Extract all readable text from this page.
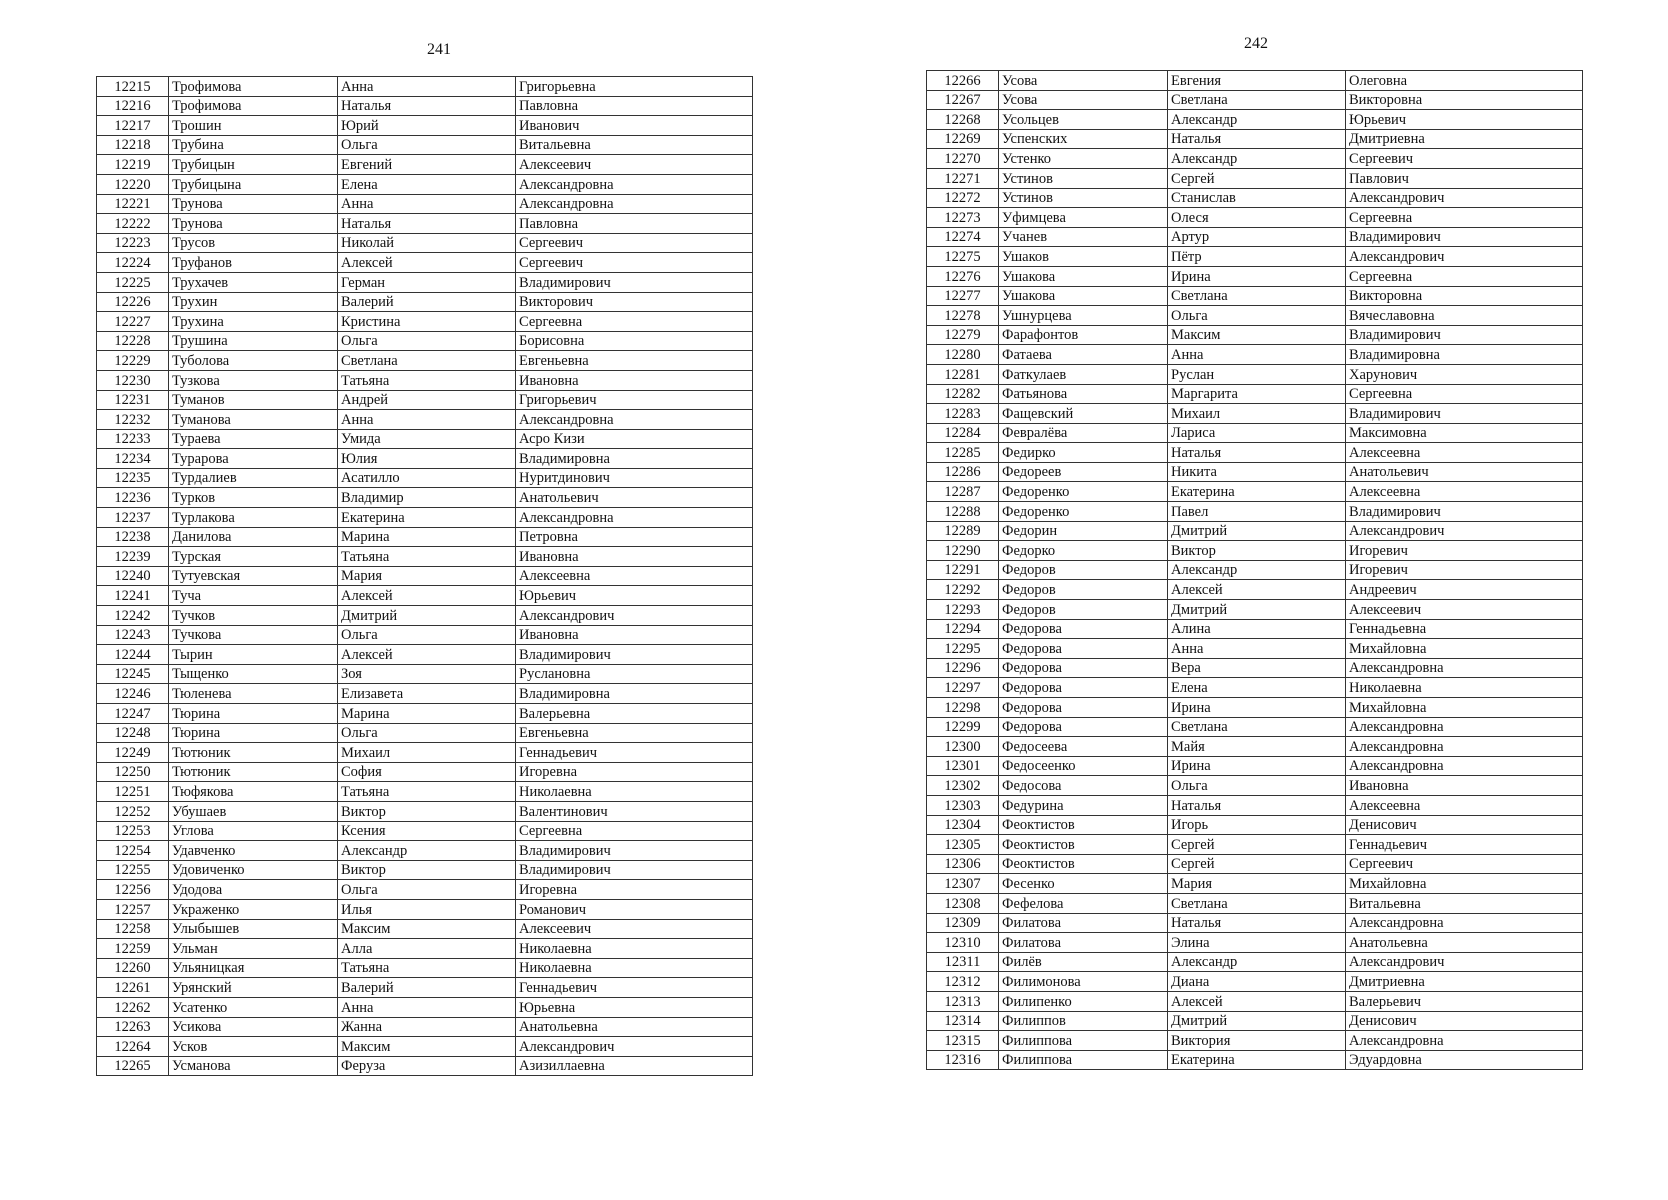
241
12215	Трофимова	Анна	Григорьевна
12216	Трофимова	Наталья	Павловна
12217	Трошин	Юрий	Иванович
12218	Трубина	Ольга	Витальевна
12219	Трубицын	Евгений	Алексеевич
12220	Трубицына	Елена	Александровна
12221	Трунова	Анна	Александровна
12222	Трунова	Наталья	Павловна
12223	Трусов	Николай	Сергеевич
12224	Труфанов	Алексей	Сергеевич
12225	Трухачев	Герман	Владимирович
12226	Трухин	Валерий	Викторович
12227	Трухина	Кристина	Сергеевна
12228	Трушина	Ольга	Борисовна
12229	Туболова	Светлана	Евгеньевна
12230	Тузкова	Татьяна	Ивановна
12231	Туманов	Андрей	Григорьевич
12232	Туманова	Анна	Александровна
12233	Тураева	Умида	Асро Кизи
12234	Турарова	Юлия	Владимировна
12235	Турдалиев	Асатилло	Нуритдинович
12236	Турков	Владимир	Анатольевич
12237	Турлакова	Екатерина	Александровна
12238	Данилова	Марина	Петровна
12239	Турская	Татьяна	Ивановна
12240	Тутуевская	Мария	Алексеевна
12241	Туча	Алексей	Юрьевич
12242	Тучков	Дмитрий	Александрович
12243	Тучкова	Ольга	Ивановна
12244	Тырин	Алексей	Владимирович
12245	Тыщенко	Зоя	Руслановна
12246	Тюленева	Елизавета	Владимировна
12247	Тюрина	Марина	Валерьевна
12248	Тюрина	Ольга	Евгеньевна
12249	Тютюник	Михаил	Геннадьевич
12250	Тютюник	София	Игоревна
12251	Тюфякова	Татьяна	Николаевна
12252	Убушаев	Виктор	Валентинович
12253	Углова	Ксения	Сергеевна
12254	Удавченко	Александр	Владимирович
12255	Удовиченко	Виктор	Владимирович
12256	Удодова	Ольга	Игоревна
12257	Украженко	Илья	Романович
12258	Улыбышев	Максим	Алексеевич
12259	Ульман	Алла	Николаевна
12260	Ульяницкая	Татьяна	Николаевна
12261	Урянский	Валерий	Геннадьевич
12262	Усатенко	Анна	Юрьевна
12263	Усикова	Жанна	Анатольевна
12264	Усков	Максим	Александрович
12265	Усманова	Феруза	Азизиллаевна
242
12266	Усова	Евгения	Олеговна
12267	Усова	Светлана	Викторовна
12268	Усольцев	Александр	Юрьевич
12269	Успенских	Наталья	Дмитриевна
12270	Устенко	Александр	Сергеевич
12271	Устинов	Сергей	Павлович
12272	Устинов	Станислав	Александрович
12273	Уфимцева	Олеся	Сергеевна
12274	Учанев	Артур	Владимирович
12275	Ушаков	Пётр	Александрович
12276	Ушакова	Ирина	Сергеевна
12277	Ушакова	Светлана	Викторовна
12278	Ушнурцева	Ольга	Вячеславовна
12279	Фарафонтов	Максим	Владимирович
12280	Фатаева	Анна	Владимировна
12281	Фаткулаев	Руслан	Харунович
12282	Фатьянова	Маргарита	Сергеевна
12283	Фащевский	Михаил	Владимирович
12284	Февралёва	Лариса	Максимовна
12285	Федирко	Наталья	Алексеевна
12286	Федореев	Никита	Анатольевич
12287	Федоренко	Екатерина	Алексеевна
12288	Федоренко	Павел	Владимирович
12289	Федорин	Дмитрий	Александрович
12290	Федорко	Виктор	Игоревич
12291	Федоров	Александр	Игоревич
12292	Федоров	Алексей	Андреевич
12293	Федоров	Дмитрий	Алексеевич
12294	Федорова	Алина	Геннадьевна
12295	Федорова	Анна	Михайловна
12296	Федорова	Вера	Александровна
12297	Федорова	Елена	Николаевна
12298	Федорова	Ирина	Михайловна
12299	Федорова	Светлана	Александровна
12300	Федосеева	Майя	Александровна
12301	Федосеенко	Ирина	Александровна
12302	Федосова	Ольга	Ивановна
12303	Федурина	Наталья	Алексеевна
12304	Феоктистов	Игорь	Денисович
12305	Феоктистов	Сергей	Геннадьевич
12306	Феоктистов	Сергей	Сергеевич
12307	Фесенко	Мария	Михайловна
12308	Фефелова	Светлана	Витальевна
12309	Филатова	Наталья	Александровна
12310	Филатова	Элина	Анатольевна
12311	Филёв	Александр	Александрович
12312	Филимонова	Диана	Дмитриевна
12313	Филипенко	Алексей	Валерьевич
12314	Филиппов	Дмитрий	Денисович
12315	Филиппова	Виктория	Александровна
12316	Филиппова	Екатерина	Эдуардовна
